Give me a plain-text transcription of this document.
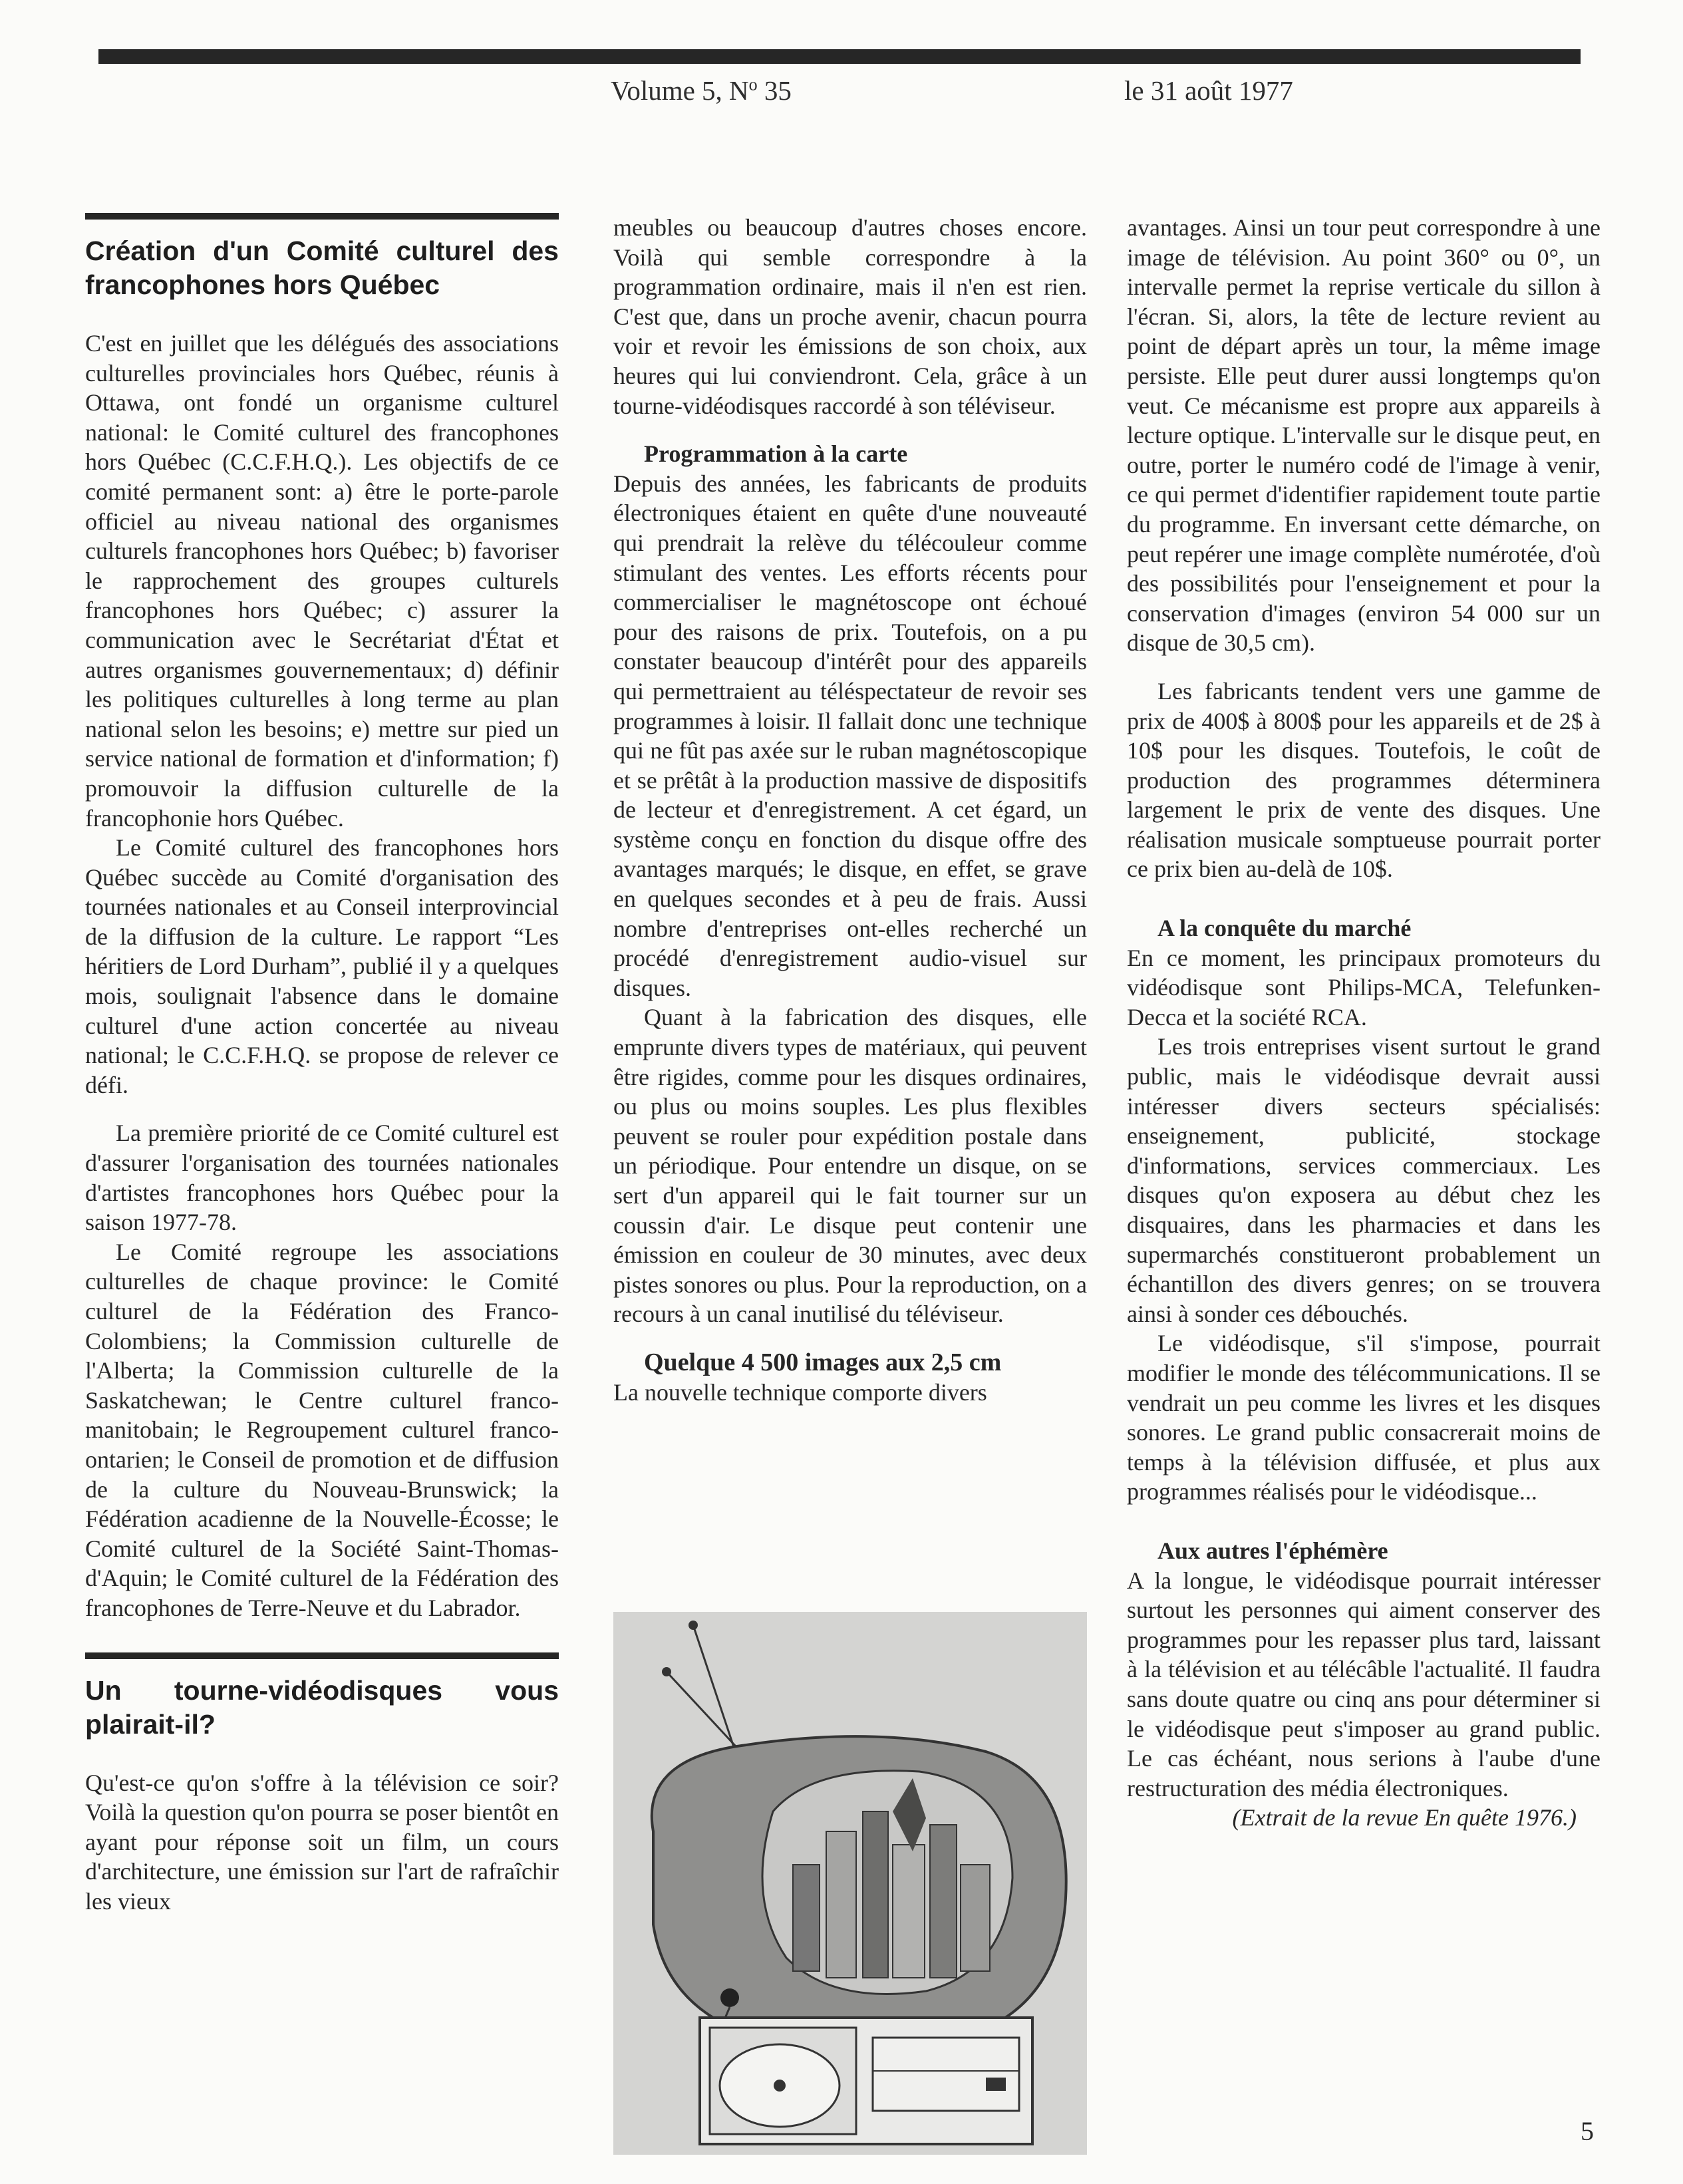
Volume 5, $N^o$ 35	le 31 août 1977
Création d'un Comité culturel des francophones hors Québec

C'est en juillet que les délégués des associations culturelles provinciales hors Québec, réunis à Ottawa, ont fondé un organisme culturel national: le Comité culturel des francophones hors Québec (C.C.F.H.Q.). Les objectifs de ce comité permanent sont: a) être le porte-parole officiel au niveau national des organismes culturels francophones hors Québec; b) favoriser le rapprochement des groupes culturels francophones hors Québec; c) assurer la communication avec le Secrétariat d'État et autres organismes gouvernementaux; d) définir les politiques culturelles à long terme au plan national selon les besoins; e) mettre sur pied un service national de formation et d'information; f) promouvoir la diffusion culturelle de la francophonie hors Québec.

Le Comité culturel des francophones hors Québec succède au Comité d'organisation des tournées nationales et au Conseil interprovincial de la diffusion de la culture. Le rapport “Les héritiers de Lord Durham”, publié il y a quelques mois, soulignait l'absence dans le domaine culturel d'une action concertée au niveau national; le C.C.F.H.Q. se propose de relever ce défi.

La première priorité de ce Comité culturel est d'assurer l'organisation des tournées nationales d'artistes francophones hors Québec pour la saison 1977-78.

Le Comité regroupe les associations culturelles de chaque province: le Comité culturel de la Fédération des Franco-Colombiens; la Commission culturelle de l'Alberta; la Commission culturelle de la Saskatchewan; le Centre culturel franco-manitobain; le Regroupement culturel franco-ontarien; le Conseil de promotion et de diffusion de la culture du Nouveau-Brunswick; la Fédération acadienne de la Nouvelle-Écosse; le Comité culturel de la Société Saint-Thomas-d'Aquin; le Comité culturel de la Fédération des francophones de Terre-Neuve et du Labrador.

Un tourne-vidéodisques vous plairait-il?

Qu'est-ce qu'on s'offre à la télévision ce soir? Voilà la question qu'on pourra se poser bientôt en ayant pour réponse soit un film, un cours d'architecture, une émission sur l'art de rafraîchir les vieux

meubles ou beaucoup d'autres choses encore. Voilà qui semble correspondre à la programmation ordinaire, mais il n'en est rien. C'est que, dans un proche avenir, chacun pourra voir et revoir les émissions de son choix, aux heures qui lui conviendront. Cela, grâce à un tourne-vidéodisques raccordé à son téléviseur.

Programmation à la carte

Depuis des années, les fabricants de produits électroniques étaient en quête d'une nouveauté qui prendrait la relève du télécouleur comme stimulant des ventes. Les efforts récents pour commercialiser le magnétoscope ont échoué pour des raisons de prix. Toutefois, on a pu constater beaucoup d'intérêt pour des appareils qui permettraient au téléspectateur de revoir ses programmes à loisir. Il fallait donc une technique qui ne fût pas axée sur le ruban magnétoscopique et se prêtât à la production massive de dispositifs de lecteur et d'enregistrement. A cet égard, un système conçu en fonction du disque offre des avantages marqués; le disque, en effet, se grave en quelques secondes et à peu de frais. Aussi nombre d'entreprises ont-elles recherché un procédé d'enregistrement audio-visuel sur disques.

Quant à la fabrication des disques, elle emprunte divers types de matériaux, qui peuvent être rigides, comme pour les disques ordinaires, ou plus ou moins souples. Les plus flexibles peuvent se rouler pour expédition postale dans un périodique. Pour entendre un disque, on se sert d'un appareil qui le fait tourner sur un coussin d'air. Le disque peut contenir une émission en couleur de 30 minutes, avec deux pistes sonores ou plus. Pour la reproduction, on a recours à un canal inutilisé du téléviseur.

Quelque 4 500 images aux 2,5 cm

La nouvelle technique comporte divers

avantages. Ainsi un tour peut correspondre à une image de télévision. Au point 360° ou 0°, un intervalle permet la reprise verticale du sillon à l'écran. Si, alors, la tête de lecture revient au point de départ après un tour, la même image persiste. Elle peut durer aussi longtemps qu'on veut. Ce mécanisme est propre aux appareils à lecture optique. L'intervalle sur le disque peut, en outre, porter le numéro codé de l'image à venir, ce qui permet d'identifier rapidement toute partie du programme. En inversant cette démarche, on peut repérer une image complète numérotée, d'où des possibilités pour l'enseignement et pour la conservation d'images (environ 54 000 sur un disque de 30,5 cm).

Les fabricants tendent vers une gamme de prix de 400$ à 800$ pour les appareils et de 2$ à 10$ pour les disques. Toutefois, le coût de production des programmes déterminera largement le prix de vente des disques. Une réalisation musicale somptueuse pourrait porter ce prix bien au-delà de 10$.

A la conquête du marché

En ce moment, les principaux promoteurs du vidéodisque sont Philips-MCA, Telefunken-Decca et la société RCA.

Les trois entreprises visent surtout le grand public, mais le vidéodisque devrait aussi intéresser divers secteurs spécialisés: enseignement, publicité, stockage d'informations, services commerciaux. Les disques qu'on exposera au début chez les disquaires, dans les pharmacies et dans les supermarchés constitueront probablement un échantillon des divers genres; on se trouvera ainsi à sonder ces débouchés.

Le vidéodisque, s'il s'impose, pourrait modifier le monde des télécommunications. Il se vendrait un peu comme les livres et les disques sonores. Le grand public consacrerait moins de temps à la télévision diffusée, et plus aux programmes réalisés pour le vidéodisque...

Aux autres l'éphémère

A la longue, le vidéodisque pourrait intéresser surtout les personnes qui aiment conserver des programmes pour les repasser plus tard, laissant à la télévision et au télécâble l'actualité. Il faudra sans doute quatre ou cinq ans pour déterminer si le vidéodisque peut s'imposer au grand public. Le cas échéant, nous serions à l'aube d'une restructuration des média électroniques.

(Extrait de la revue En quête 1976.)

5
